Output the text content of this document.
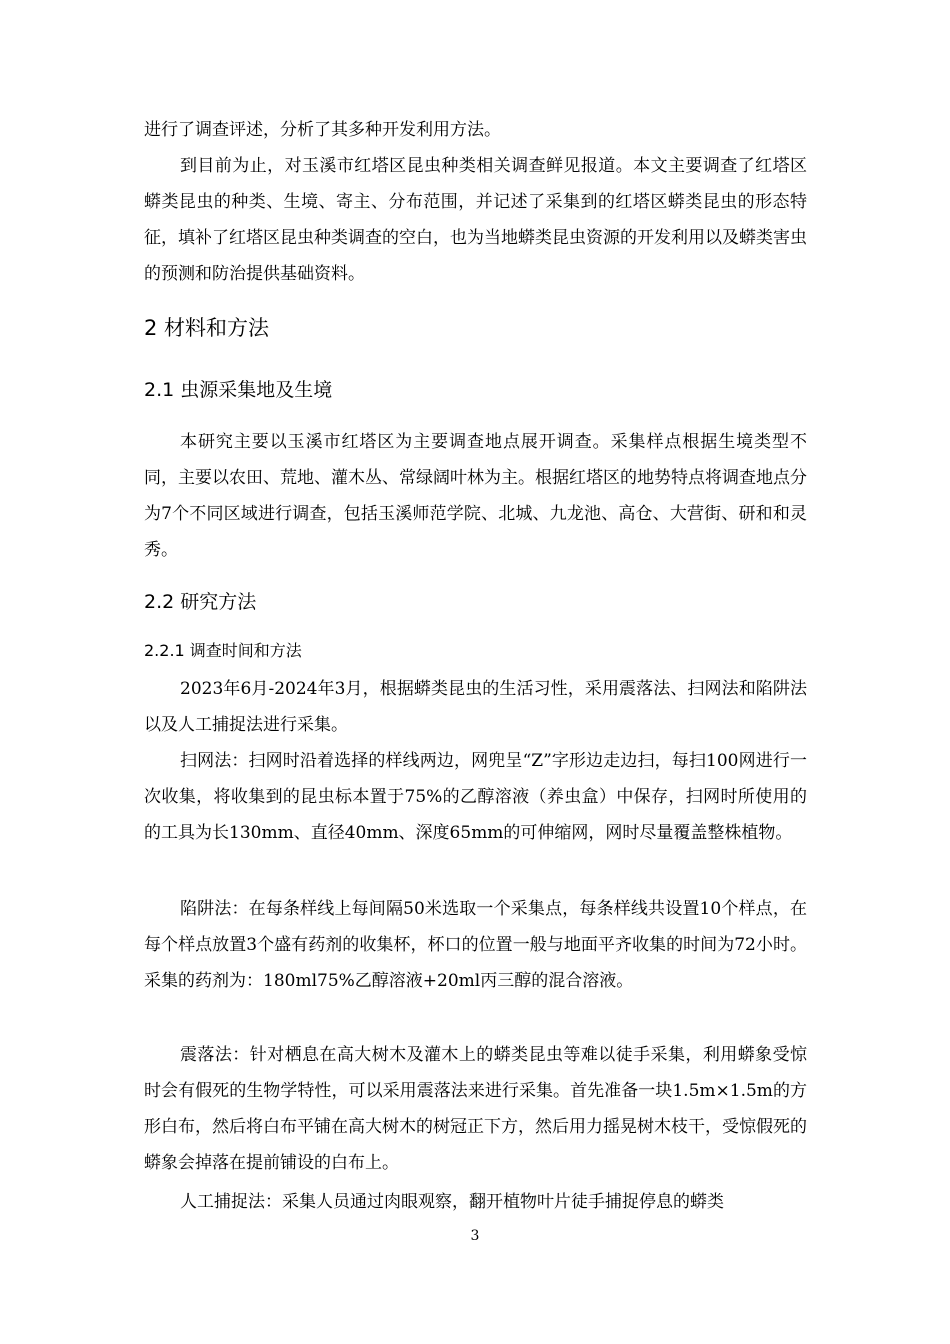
进行了调查评述，分析了其多种开发利用方法。

到目前为止，对玉溪市红塔区昆虫种类相关调查鲜见报道。本文主要调查了红塔区蟒类昆虫的种类、生境、寄主、分布范围，并记述了采集到的红塔区蟒类昆虫的形态特征，填补了红塔区昆虫种类调查的空白，也为当地蟒类昆虫资源的开发利用以及蟒类害虫的预测和防治提供基础资料。

2 材料和方法
2.1 虫源采集地及生境

本研究主要以玉溪市红塔区为主要调查地点展开调查。采集样点根据生境类型不同，主要以农田、荒地、灌木丛、常绿阔叶林为主。根据红塔区的地势特点将调查地点分为7个不同区域进行调查，包括玉溪师范学院、北城、九龙池、高仓、大营街、研和和灵秀。

2.2 研究方法
2.2.1 调查时间和方法

2023年6月-2024年3月，根据蟒类昆虫的生活习性，采用震落法、扫网法和陷阱法以及人工捕捉法进行采集。

扫网法：扫网时沿着选择的样线两边，网兜呈“Z”字形边走边扫，每扫100网进行一次收集，将收集到的昆虫标本置于75%的乙醇溶液（养虫盒）中保存，扫网时所使用的的工具为长130mm、直径40mm、深度65mm的可伸缩网，网时尽量覆盖整株植物。

陷阱法：在每条样线上每间隔50米选取一个采集点，每条样线共设置10个样点，在每个样点放置3个盛有药剂的收集杯，杯口的位置一般与地面平齐收集的时间为72小时。采集的药剂为：180ml75%乙醇溶液+20ml丙三醇的混合溶液。

震落法：针对栖息在高大树木及灌木上的蟒类昆虫等难以徒手采集，利用蟒象受惊时会有假死的生物学特性，可以采用震落法来进行采集。首先准备一块1.5m×1.5m的方形白布，然后将白布平铺在高大树木的树冠正下方，然后用力摇晃树木枝干，受惊假死的蟒象会掉落在提前铺设的白布上。

人工捕捉法：采集人员通过肉眼观察，翻开植物叶片徒手捕捉停息的蟒类

3
